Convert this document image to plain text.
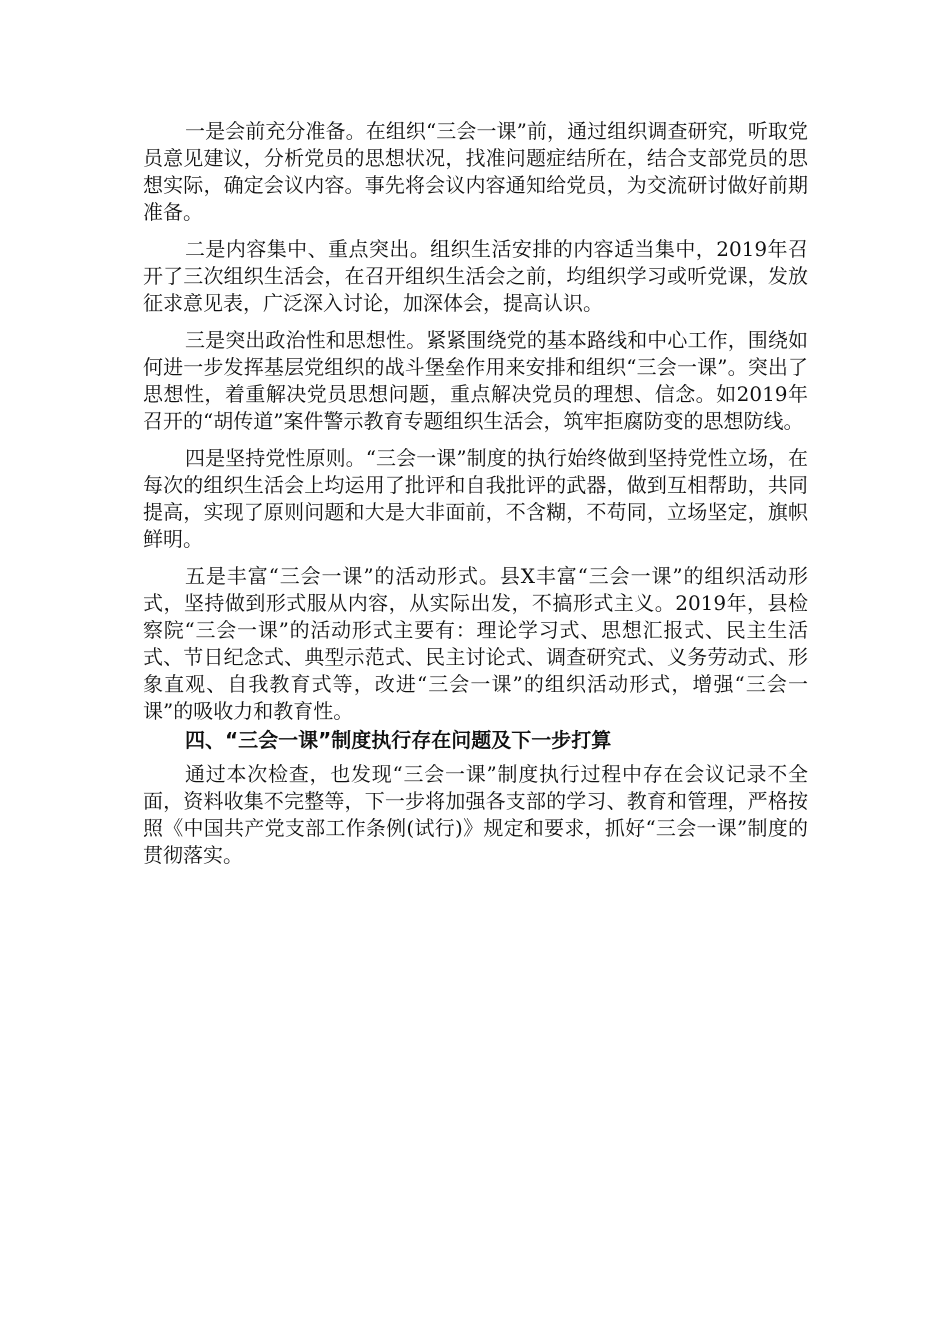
一是会前充分准备。在组织“三会一课”前，通过组织调查研究，听取党员意见建议，分析党员的思想状况，找准问题症结所在，结合支部党员的思想实际，确定会议内容。事先将会议内容通知给党员，为交流研讨做好前期准备。

二是内容集中、重点突出。组织生活安排的内容适当集中，2019年召开了三次组织生活会，在召开组织生活会之前，均组织学习或听党课，发放征求意见表，广泛深入讨论，加深体会，提高认识。

三是突出政治性和思想性。紧紧围绕党的基本路线和中心工作，围绕如何进一步发挥基层党组织的战斗堡垒作用来安排和组织“三会一课”。突出了思想性，着重解决党员思想问题，重点解决党员的理想、信念。如2019年召开的“胡传道”案件警示教育专题组织生活会，筑牢拒腐防变的思想防线。

四是坚持党性原则。“三会一课”制度的执行始终做到坚持党性立场，在每次的组织生活会上均运用了批评和自我批评的武器，做到互相帮助，共同提高，实现了原则问题和大是大非面前，不含糊，不苟同，立场坚定，旗帜鲜明。

五是丰富“三会一课”的活动形式。县X丰富“三会一课”的组织活动形式，坚持做到形式服从内容，从实际出发，不搞形式主义。2019年，县检察院“三会一课”的活动形式主要有：理论学习式、思想汇报式、民主生活式、节日纪念式、典型示范式、民主讨论式、调查研究式、义务劳动式、形象直观、自我教育式等，改进“三会一课”的组织活动形式，增强“三会一课”的吸收力和教育性。

四、“三会一课”制度执行存在问题及下一步打算

通过本次检查，也发现“三会一课”制度执行过程中存在会议记录不全面，资料收集不完整等，下一步将加强各支部的学习、教育和管理，严格按照《中国共产党支部工作条例(试行)》规定和要求，抓好“三会一课”制度的贯彻落实。
